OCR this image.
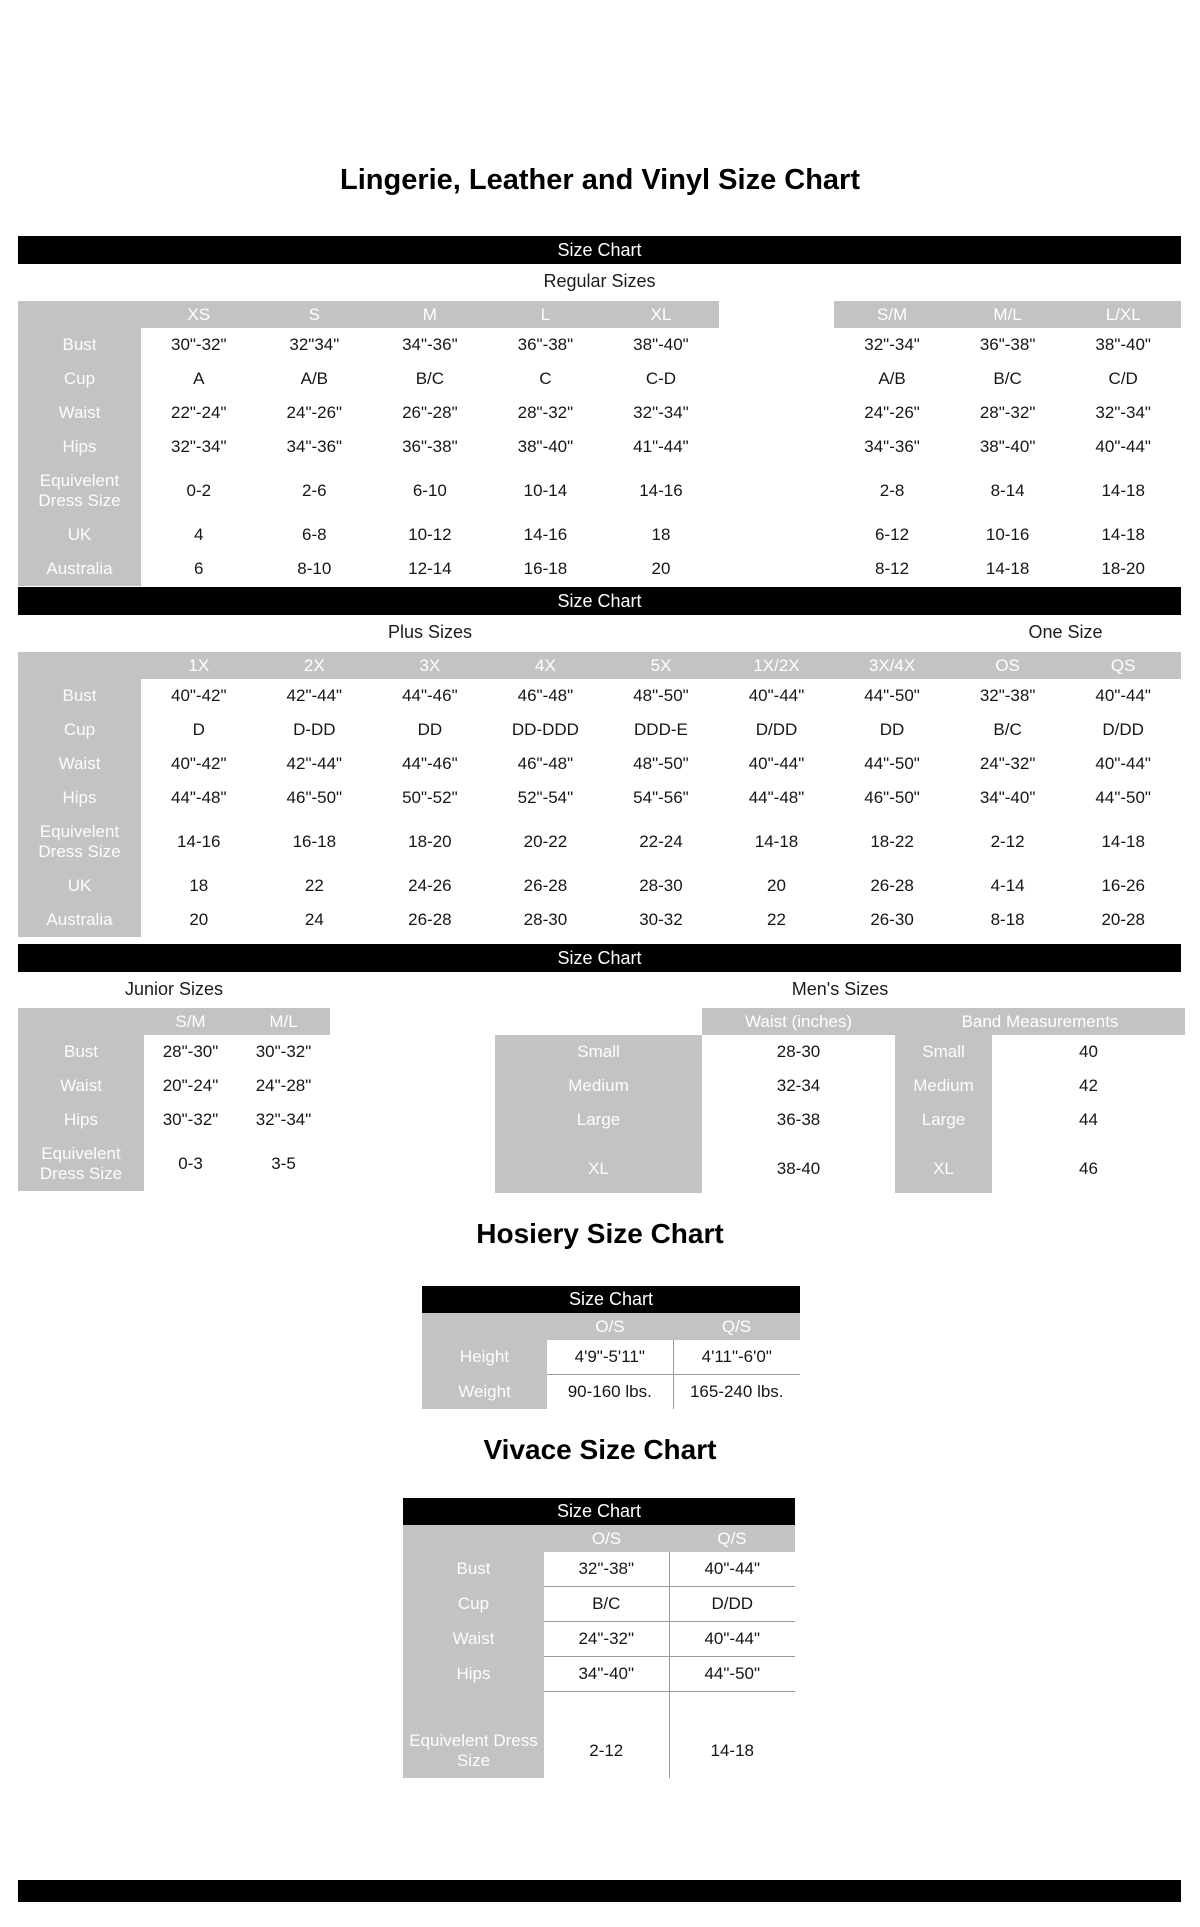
Lingerie, Leather and Vinyl Size Chart
Size Chart
Regular Sizes
	XS	S	M	L	XL		S/M	M/L	L/XL
Bust	30"-32"	32"34"	34"-36"	36"-38"	38"-40"		32"-34"	36"-38"	38"-40"
Cup	A	A/B	B/C	C	C-D		A/B	B/C	C/D
Waist	22"-24"	24"-26"	26"-28"	28"-32"	32"-34"		24"-26"	28"-32"	32"-34"
Hips	32"-34"	34"-36"	36"-38"	38"-40"	41"-44"		34"-36"	38"-40"	40"-44"
Equivelent Dress Size	0-2	2-6	6-10	10-14	14-16		2-8	8-14	14-18
UK	4	6-8	10-12	14-16	18		6-12	10-16	14-18
Australia	6	8-10	12-14	16-18	20		8-12	14-18	18-20
Size Chart
Plus Sizes	One Size
	1X	2X	3X	4X	5X	1X/2X	3X/4X	OS	QS
Bust	40"-42"	42"-44"	44"-46"	46"-48"	48"-50"	40"-44"	44"-50"	32"-38"	40"-44"
Cup	D	D-DD	DD	DD-DDD	DDD-E	D/DD	DD	B/C	D/DD
Waist	40"-42"	42"-44"	44"-46"	46"-48"	48"-50"	40"-44"	44"-50"	24"-32"	40"-44"
Hips	44"-48"	46"-50"	50"-52"	52"-54"	54"-56"	44"-48"	46"-50"	34"-40"	44"-50"
Equivelent Dress Size	14-16	16-18	18-20	20-22	22-24	14-18	18-22	2-12	14-18
UK	18	22	24-26	26-28	28-30	20	26-28	4-14	16-26
Australia	20	24	26-28	28-30	30-32	22	26-30	8-18	20-28
Size Chart
Junior Sizes	Men's Sizes
	S/M	M/L
Bust	28"-30"	30"-32"
Waist	20"-24"	24"-28"
Hips	30"-32"	32"-34"
Equivelent Dress Size	0-3	3-5
	Waist (inches)	Band Measurements	
Small	28-30	Small	40
Medium	32-34	Medium	42
Large	36-38	Large	44
XL	38-40	XL	46
Hosiery Size Chart
Size Chart
	O/S	Q/S
Height	4'9"-5'11"	4'11"-6'0"
Weight	90-160 lbs.	165-240 lbs.
Vivace Size Chart
Size Chart
	O/S	Q/S
Bust	32"-38"	40"-44"
Cup	B/C	D/DD
Waist	24"-32"	40"-44"
Hips	34"-40"	44"-50"

Equivelent Dress Size	2-12	14-18
